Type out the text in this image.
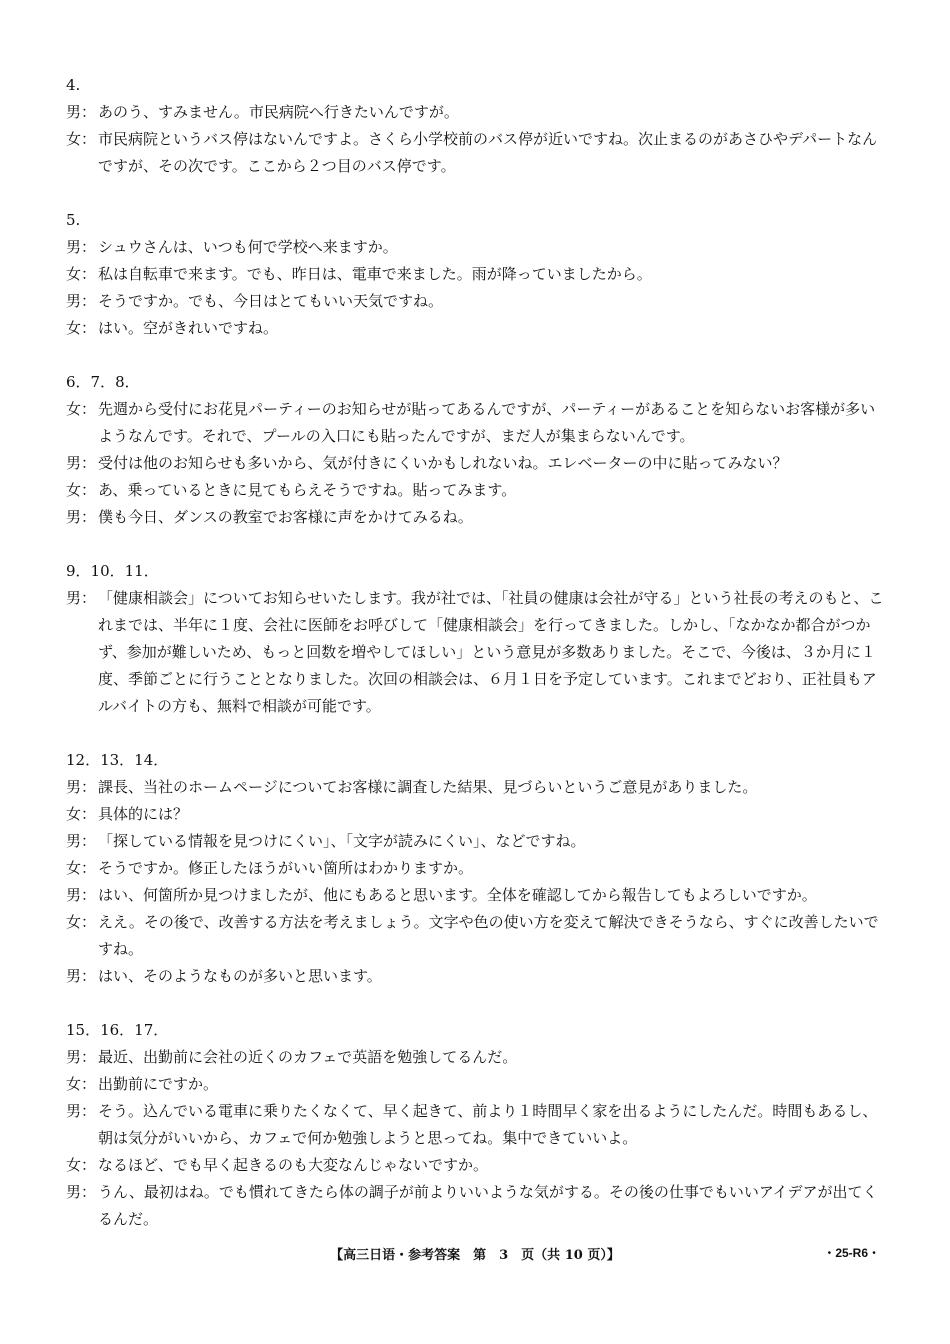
4.
男： あのう、すみません。市民病院へ行きたいんですが。
女： 市民病院というバス停はないんですよ。さくら小学校前のバス停が近いですね。次止まるのがあさひやデパートなんですが、その次です。ここから２つ目のバス停です。
5.
男： シュウさんは、いつも何で学校へ来ますか。
女： 私は自転車で来ます。でも、昨日は、電車で来ました。雨が降っていましたから。
男： そうですか。でも、今日はとてもいい天気ですね。
女： はい。空がきれいですね。
6．7．8．
女： 先週から受付にお花見パーティーのお知らせが貼ってあるんですが、パーティーがあることを知らないお客様が多いようなんです。それで、プールの入口にも貼ったんですが、まだ人が集まらないんです。
男： 受付は他のお知らせも多いから、気が付きにくいかもしれないね。エレベーターの中に貼ってみない？
女： あ、乗っているときに見てもらえそうですね。貼ってみます。
男： 僕も今日、ダンスの教室でお客様に声をかけてみるね。
9．10．11．
男： 「健康相談会」についてお知らせいたします。我が社では、「社員の健康は会社が守る」という社長の考えのもと、これまでは、半年に１度、会社に医師をお呼びして「健康相談会」を行ってきました。しかし、「なかなか都合がつかず、参加が難しいため、もっと回数を増やしてほしい」という意見が多数ありました。そこで、今後は、３か月に１度、季節ごとに行うこととなりました。次回の相談会は、６月１日を予定しています。これまでどおり、正社員もアルバイトの方も、無料で相談が可能です。
12．13．14．
男： 課長、当社のホームページについてお客様に調査した結果、見づらいというご意見がありました。
女： 具体的には？
男： 「探している情報を見つけにくい」、「文字が読みにくい」、などですね。
女： そうですか。修正したほうがいい箇所はわかりますか。
男： はい、何箇所か見つけましたが、他にもあると思います。全体を確認してから報告してもよろしいですか。
女： ええ。その後で、改善する方法を考えましょう。文字や色の使い方を変えて解決できそうなら、すぐに改善したいですね。
男： はい、そのようなものが多いと思います。
15．16．17．
男： 最近、出勤前に会社の近くのカフェで英語を勉強してるんだ。
女： 出勤前にですか。
男： そう。込んでいる電車に乗りたくなくて、早く起きて、前より１時間早く家を出るようにしたんだ。時間もあるし、朝は気分がいいから、カフェで何か勉強しようと思ってね。集中できていいよ。
女： なるほど、でも早く起きるのも大変なんじゃないですか。
男： うん、最初はね。でも慣れてきたら体の調子が前よりいいような気がする。その後の仕事でもいいアイデアが出てくるんだ。
【高三日语・参考答案　第　3　页（共 10 页）】	・25-R6・
